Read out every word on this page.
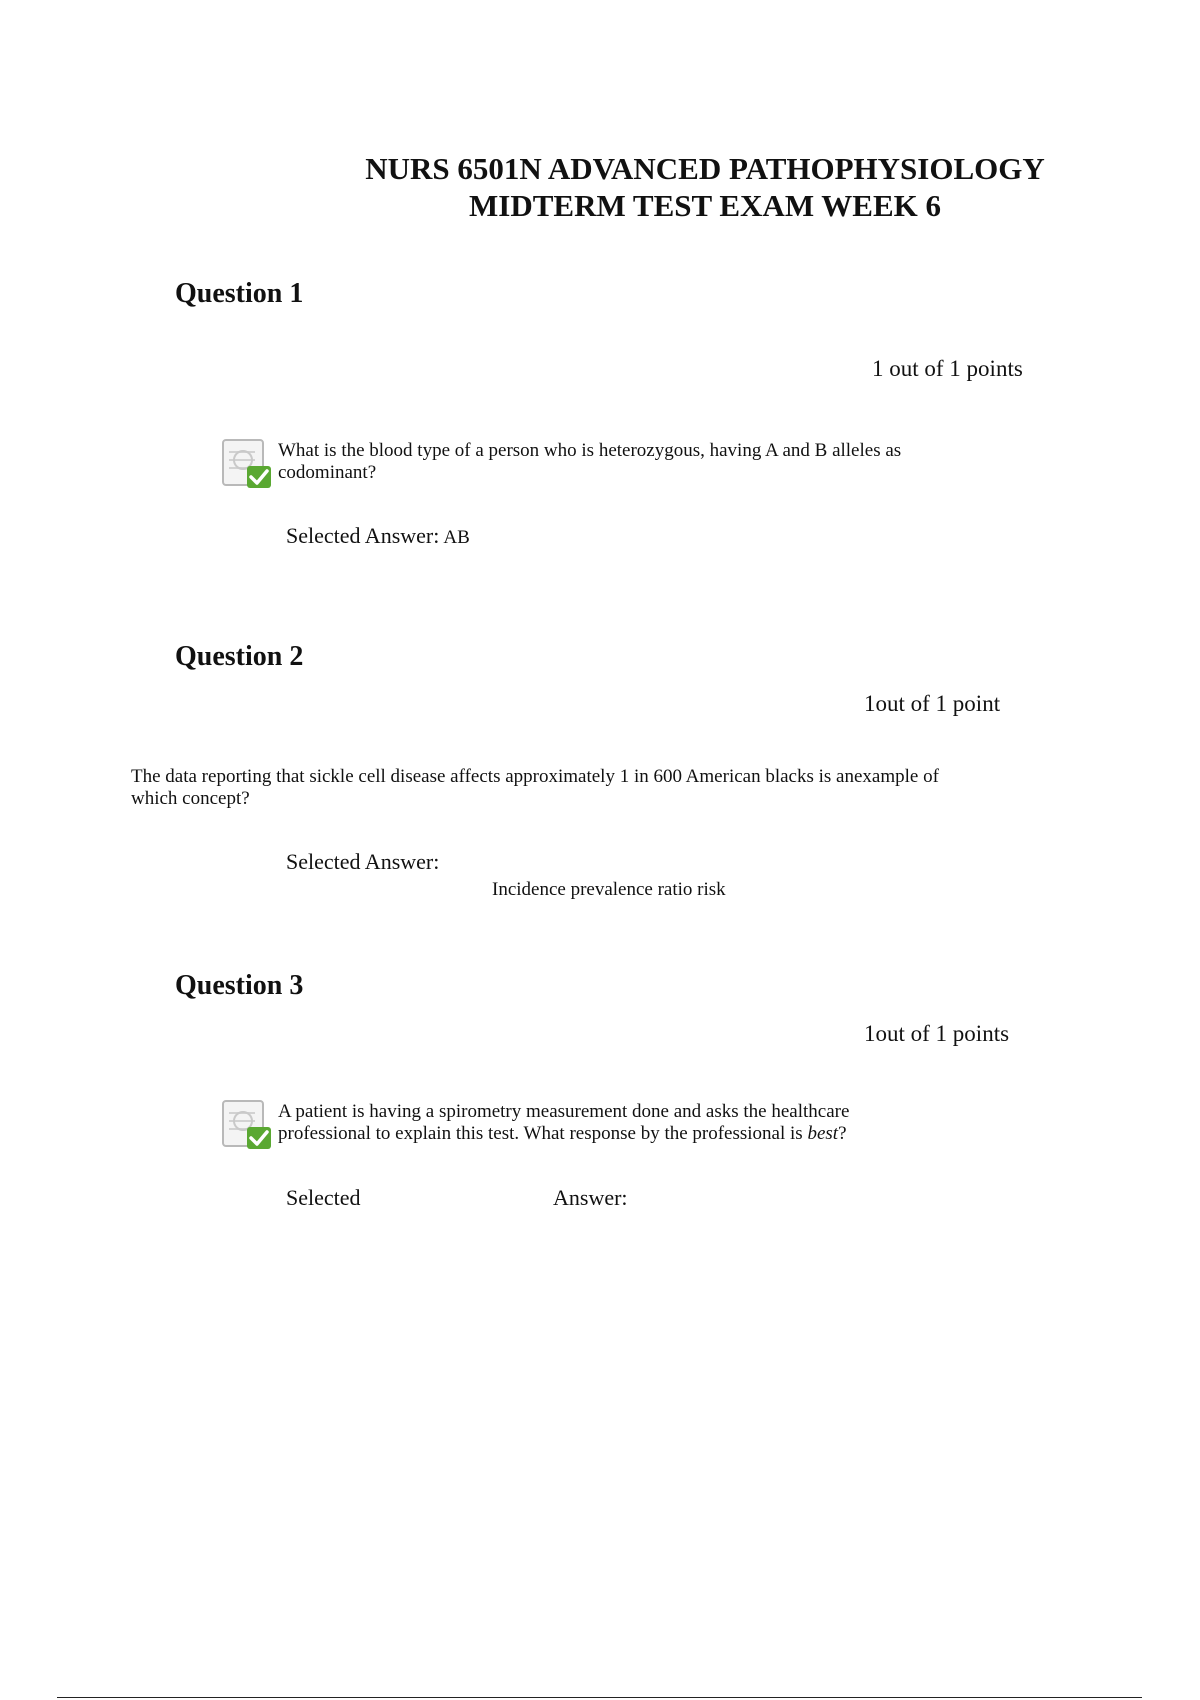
NURS 6501N ADVANCED PATHOPHYSIOLOGY
MIDTERM TEST EXAM WEEK 6
Question 1
1 out of 1 points
What is the blood type of a person who is heterozygous, having A and B alleles as codominant?
Selected Answer: AB
Question 2
1out of 1 point
The data reporting that sickle cell disease affects approximately 1 in 600 American blacks is anexample of which concept?
Selected Answer:
Incidence prevalence ratio risk
Question 3
1out of 1 points
A patient is having a spirometry measurement done and asks the healthcare professional to explain this test. What response by the professional is best?
Selected	Answer:
